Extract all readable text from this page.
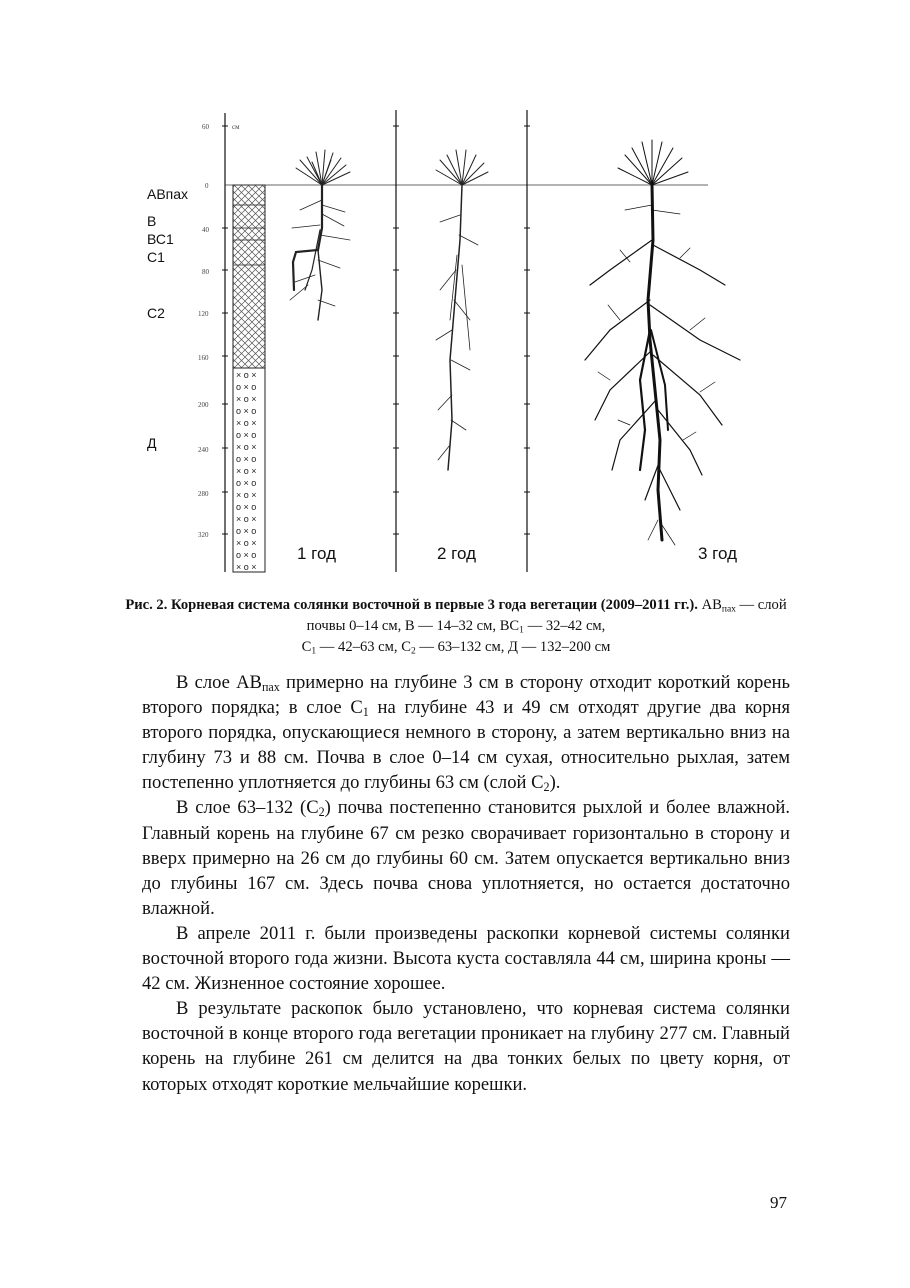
АВпах
В
ВС1
С1
С2
Д
см
60
0
40
80
120
160
200
240
280
320
× o ×
o × o
× o ×
o × o
× o ×
o × o
× o ×
o × o
× o ×
o × o
× o ×
o × o
× o ×
o × o
× o ×
o × o
× o ×
1 год	2 год	3 год
Рис. 2. Корневая система солянки восточной в первые 3 года вегетации (2009–2011 гг.). $АВ_{пах}$ — слой почвы 0–14 см, В — 14–32 см, $ВС_1$ — 32–42 см,
$С_1$ — 42–63 см, $С_2$ — 63–132 см, Д — 132–200 см

В слое $АВ_{пах}$ примерно на глубине 3 см в сторону отходит короткий корень второго порядка; в слое $С_1$ на глубине 43 и 49 см отходят другие два корня второго порядка, опускающиеся немного в сторону, а затем вертикально вниз на глубину 73 и 88 см. Почва в слое 0–14 см сухая, относительно рыхлая, затем постепенно уплотняется до глубины 63 см (слой $С_2$).

В слое 63–132 $(С_2)$ почва постепенно становится рыхлой и более влажной. Главный корень на глубине 67 см резко сворачивает горизонтально в сторону и вверх примерно на 26 см до глубины 60 см. Затем опускается вертикально вниз до глубины 167 см. Здесь почва снова уплотняется, но остается достаточно влажной.

В апреле 2011 г. были произведены раскопки корневой системы солянки восточной второго года жизни. Высота куста составляла 44 см, ширина кроны — 42 см. Жизненное состояние хорошее.

В результате раскопок было установлено, что корневая система солянки восточной в конце второго года вегетации проникает на глубину 277 см. Главный корень на глубине 261 см делится на два тонких белых по цвету корня, от которых отходят короткие мельчайшие корешки.

97
